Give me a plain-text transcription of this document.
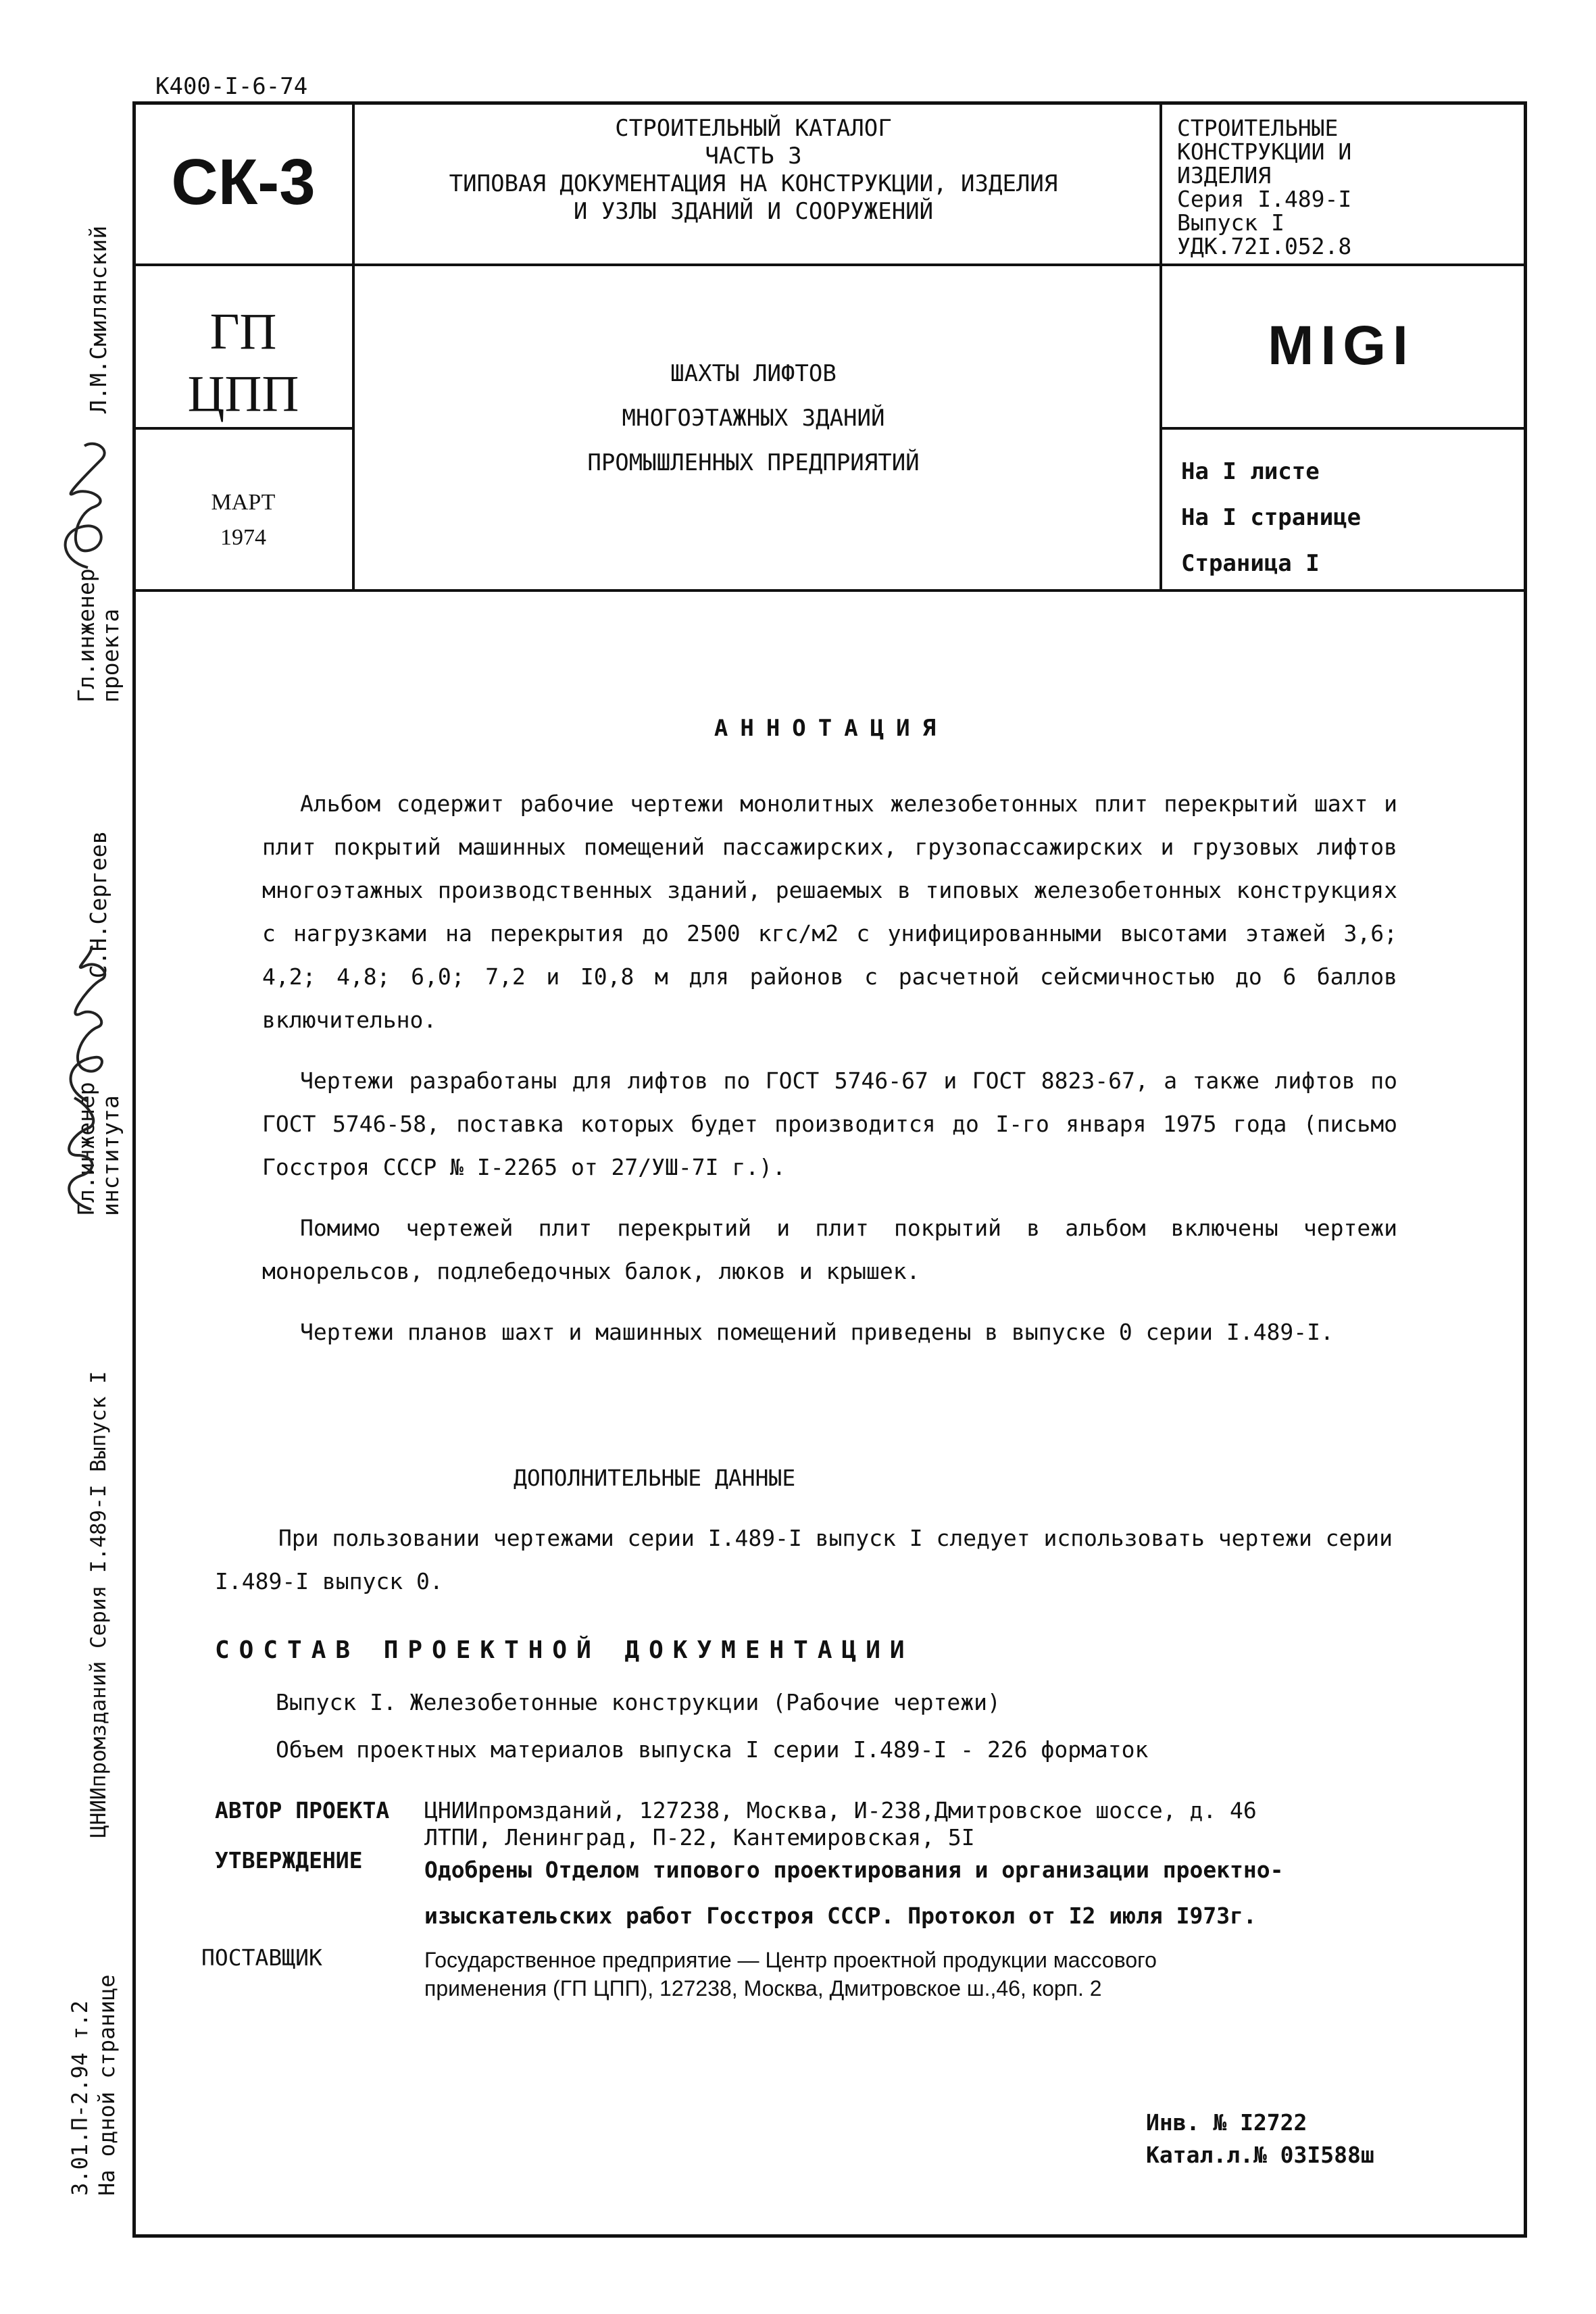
К400-I-6-74
СК-3
СТРОИТЕЛЬНЫЙ КАТАЛОГ
ЧАСТЬ 3
ТИПОВАЯ ДОКУМЕНТАЦИЯ НА КОНСТРУКЦИИ, ИЗДЕЛИЯ
И УЗЛЫ ЗДАНИЙ И СООРУЖЕНИЙ
СТРОИТЕЛЬНЫЕ
КОНСТРУКЦИИ И
ИЗДЕЛИЯ
Серия I.489-I
Выпуск I
УДК.72I.052.8
ГП
ЦПП
МАРТ
1974
ШАХТЫ ЛИФТОВ
МНОГОЭТАЖНЫХ ЗДАНИЙ
ПРОМЫШЛЕННЫХ ПРЕДПРИЯТИЙ
MIGI
На I листе
На I странице
Страница I
АННОТАЦИЯ

Альбом содержит рабочие чертежи монолитных железобетонных плит перекрытий шахт и плит покрытий машинных помещений пассажирских, грузопассажирских и грузовых лифтов многоэтажных производственных зданий, решаемых в типовых железобетонных конструкциях с нагрузками на перекрытия до 2500 кгс/м2 с унифицированными высотами этажей 3,6; 4,2; 4,8; 6,0; 7,2 и I0,8 м для районов с расчетной сейсмичностью до 6 баллов включительно.

Чертежи разработаны для лифтов по ГОСТ 5746-67 и ГОСТ 8823-67, а также лифтов по ГОСТ 5746-58, поставка которых будет производится до I-го января 1975 года (письмо Госстроя СССР № I-2265 от 27/УШ-7I г.).

Помимо чертежей плит перекрытий и плит покрытий в альбом включены чертежи монорельсов, подлебедочных балок, люков и крышек.

Чертежи планов шахт и машинных помещений приведены в выпуске 0 серии I.489-I.

ДОПОЛНИТЕЛЬНЫЕ ДАННЫЕ
При пользовании чертежами серии I.489-I выпуск I следует использовать чертежи серии I.489-I выпуск 0.
СОСТАВ ПРОЕКТНОЙ ДОКУМЕНТАЦИИ
Выпуск I. Железобетонные конструкции (Рабочие чертежи)
Объем проектных материалов выпуска I серии I.489-I - 226 форматок
АВТОР ПРОЕКТА ЦНИИпромзданий, 127238, Москва, И-238,Дмитровское шоссе, д. 46
ЛТПИ, Ленинград, П-22, Кантемировская, 5I
УТВЕРЖДЕНИЕ	Одобрены Отделом типового проектирования и организации проектно-
изыскательских работ Госстроя СССР. Протокол от I2 июля I973г.
ПОСТАВЩИК	Государственное предприятие — Центр проектной продукции массового
применения (ГП ЦПП), 127238, Москва, Дмитровское ш.,46, корп. 2
Инв. № I2722
Катал.л.№ 03I588ш
Л.М.Смилянский
Гл.инженер
проекта
С.Н.Сергеев
Гл.инженер
института
ЦНИИпромзданий Серия I.489-I Выпуск I
3.01.П-2.94 т.2 На одной странице
